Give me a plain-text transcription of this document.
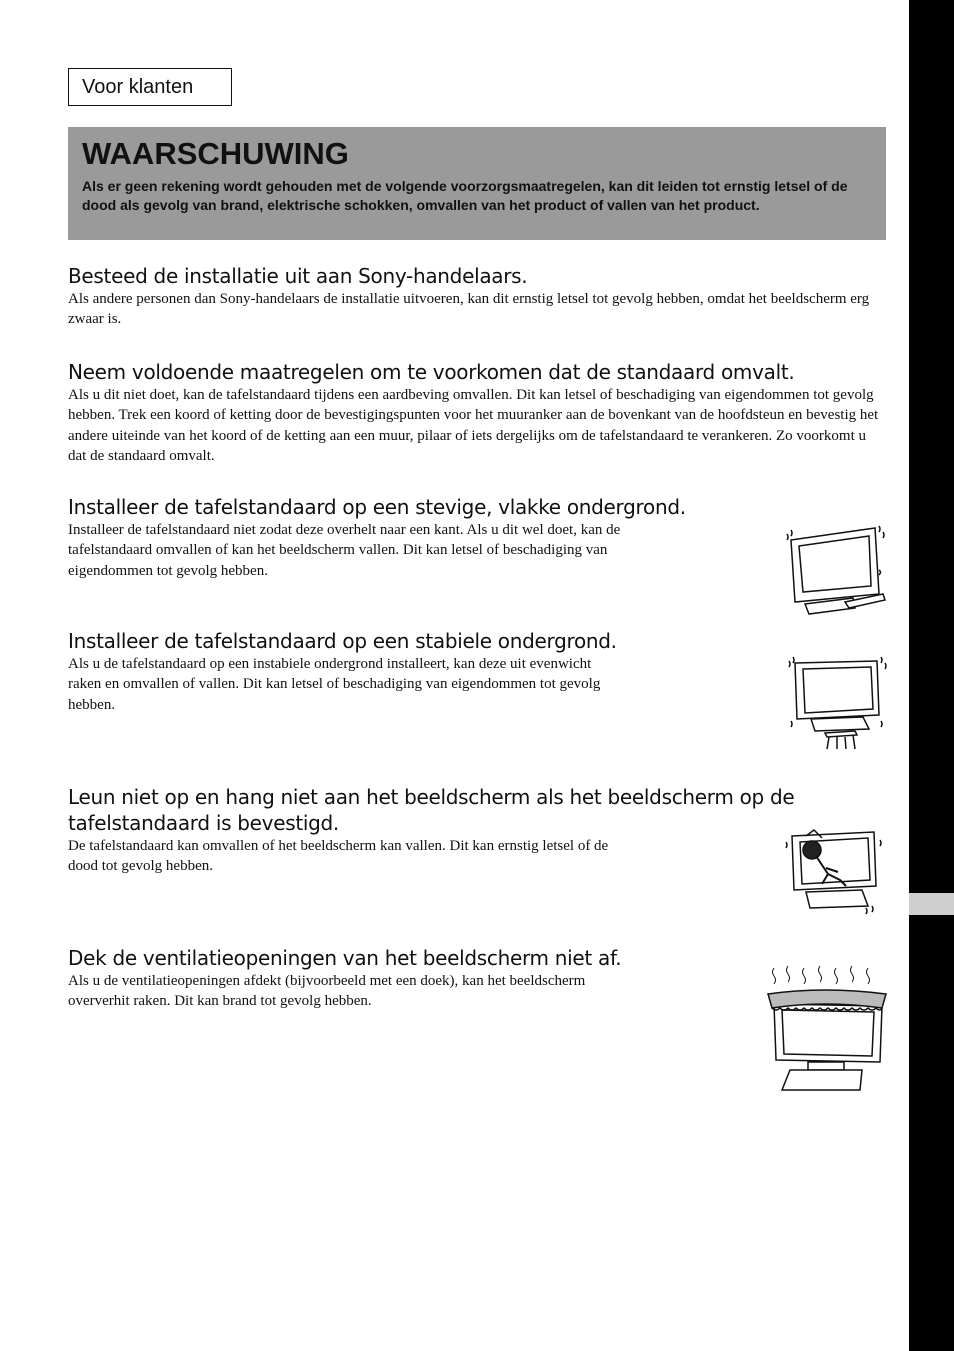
Voor klanten
WAARSCHUWING

Als er geen rekening wordt gehouden met de volgende voorzorgsmaatregelen, kan dit leiden tot ernstig letsel of de dood als gevolg van brand, elektrische schokken, omvallen van het product of vallen van het product.

Besteed de installatie uit aan Sony-handelaars.

Als andere personen dan Sony-handelaars de installatie uitvoeren, kan dit ernstig letsel tot gevolg hebben, omdat het beeldscherm erg zwaar is.

Neem voldoende maatregelen om te voorkomen dat de standaard omvalt.

Als u dit niet doet, kan de tafelstandaard tijdens een aardbeving omvallen. Dit kan letsel of beschadiging van eigendommen tot gevolg hebben. Trek een koord of ketting door de bevestigingspunten voor het muuranker aan de bovenkant van de hoofdsteun en bevestig het andere uiteinde van het koord of de ketting aan een muur, pilaar of iets dergelijks om de tafelstandaard te verankeren. Zo voorkomt u dat de standaard omvalt.

Installeer de tafelstandaard op een stevige, vlakke ondergrond.

Installeer de tafelstandaard niet zodat deze overhelt naar een kant. Als u dit wel doet, kan de tafelstandaard omvallen of kan het beeldscherm vallen. Dit kan letsel of beschadiging van eigendommen tot gevolg hebben.

Installeer de tafelstandaard op een stabiele ondergrond.

Als u de tafelstandaard op een instabiele ondergrond installeert, kan deze uit evenwicht raken en omvallen of vallen. Dit kan letsel of beschadiging van eigendommen tot gevolg hebben.

Leun niet op en hang niet aan het beeldscherm als het beeldscherm op de tafelstandaard is bevestigd.

De tafelstandaard kan omvallen of het beeldscherm kan vallen. Dit kan ernstig letsel of de dood tot gevolg hebben.

Dek de ventilatieopeningen van het beeldscherm niet af.

Als u de ventilatieopeningen afdekt (bijvoorbeeld met een doek), kan het beeldscherm oververhit raken. Dit kan brand tot gevolg hebben.
